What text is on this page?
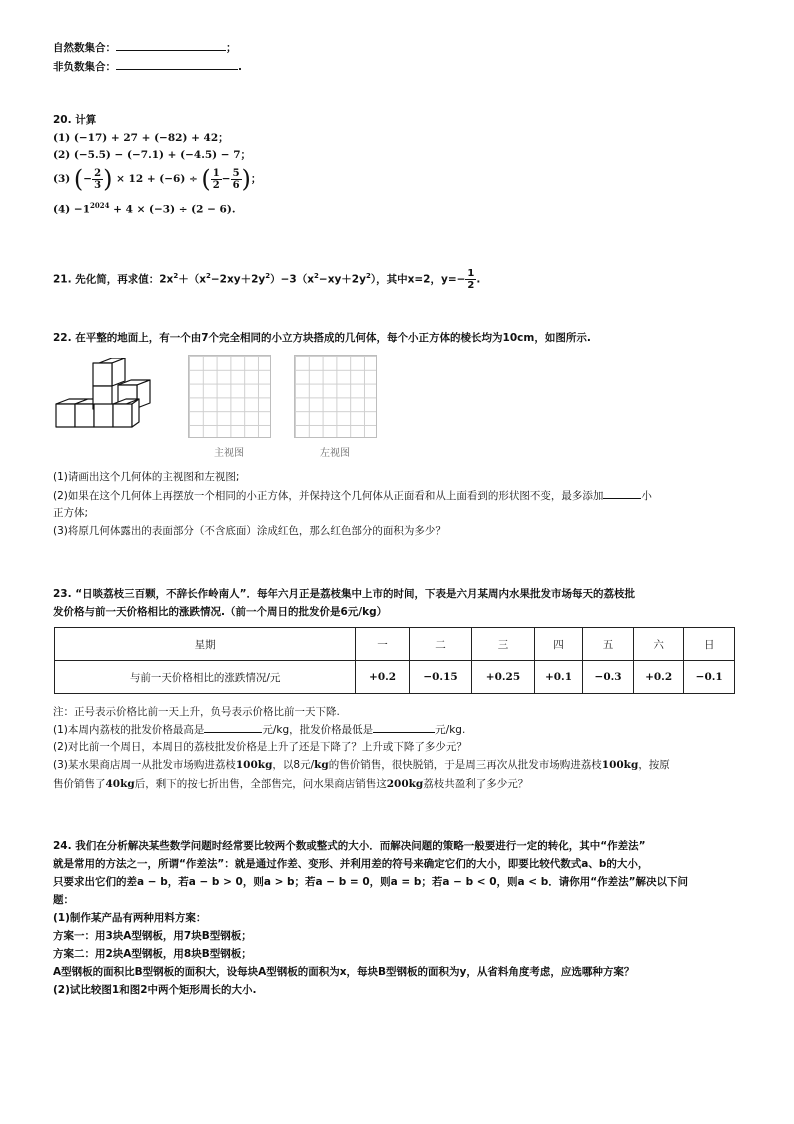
自然数集合：	；
非负数集合：	.
20. 计算
(1) (−17) + 27 + (−82) + 42；
(2) (−5.5) − (−7.1) + (−4.5) − 7；
(3) (− $\frac{2}{3}$ ) × 12 + (−6) ÷ ( $\frac{1}{2} - \frac{5}{6}$ )；
$(4) -1^{2024} + 4 \times (-3) \div (2 - 6)$.
21. 先化简，再求值：$2x^2+(x^2-2xy+2y^2)-3(x^2-xy+2y^2)$，其中x=2，$y=- \frac{1}{2}$ .
22. 在平整的地面上，有一个由7个完全相同的小立方块搭成的几何体，每个小正方体的棱长均为10cm，如图所示.
主视图	左视图
(1)请画出这个几何体的主视图和左视图;
(2)如果在这个几何体上再摆放一个相同的小正方体，并保持这个几何体从正面看和从上面看到的形状图不变，最多添加	小
正方体;
(3)将原几何体露出的表面部分（不含底面）涂成红色，那么红色部分的面积为多少？
23. “日啖荔枝三百颗，不辞长作岭南人”．每年六月正是荔枝集中上市的时间，下表是六月某周内水果批发市场每天的荔枝批
发价格与前一天价格相比的涨跌情况.（前一个周日的批发价是6元/kg）
星期	一	二	三	四	五	六	日
与前一天价格相比的涨跌情况/元	+0.2	−0.15	+0.25	+0.1	−0.3	+0.2	−0.1
注：正号表示价格比前一天上升，负号表示价格比前一天下降.
(1)本周内荔枝的批发价格最高是	元/kg，批发价格最低是	元/kg.
(2)对比前一个周日，本周日的荔枝批发价格是上升了还是下降了？上升或下降了多少元？
(3)某水果商店周一从批发市场购进荔枝100kg，以8元/kg的售价销售，很快脱销，于是周三再次从批发市场购进荔枝100kg，按原
售价销售了40kg后，剩下的按七折出售，全部售完，问水果商店销售这200kg荔枝共盈利了多少元？
24. 我们在分析解决某些数学问题时经常要比较两个数或整式的大小．而解决问题的策略一般要进行一定的转化，其中“作差法”
就是常用的方法之一，所谓“作差法”：就是通过作差、变形、并利用差的符号来确定它们的大小，即要比较代数式a、b的大小，
只要求出它们的差a − b，若a − b > 0，则a > b；若a − b = 0，则a = b；若a − b < 0，则a < b．请你用“作差法”解决以下问
题：
(1)制作某产品有两种用料方案：
方案一：用3块A型钢板，用7块B型钢板；
方案二：用2块A型钢板，用8块B型钢板；
A型钢板的面积比B型钢板的面积大，设每块A型钢板的面积为x，每块B型钢板的面积为y，从省料角度考虑，应选哪种方案？
(2)试比较图1和图2中两个矩形周长的大小.
